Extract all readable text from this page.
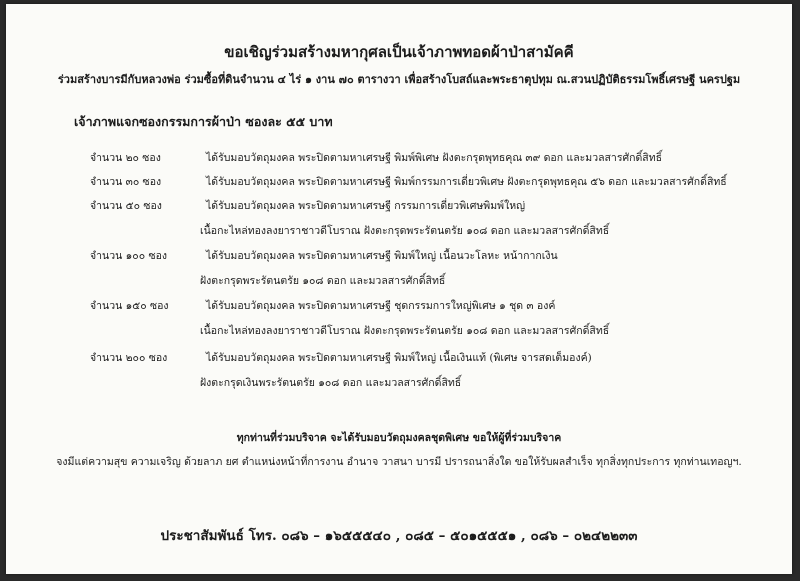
ขอเชิญร่วมสร้างมหากุศลเป็นเจ้าภาพทอดผ้าป่าสามัคคี
ร่วมสร้างบารมีกับหลวงพ่อ ร่วมซื้อที่ดินจำนวน ๔ ไร่ ๑ งาน ๗๐ ตารางวา เพื่อสร้างโบสถ์และพระธาตุปทุม ณ.สวนปฏิบัติธรรมโพธิ์เศรษฐี นครปฐม
เจ้าภาพแจกซองกรรมการผ้าป่า ซองละ ๕๕ บาท
จำนวน ๒๐ ซอง	ได้รับมอบวัตถุมงคล พระปิดตามหาเศรษฐี พิมพ์พิเศษ ฝังตะกรุดพุทธคุณ ๓๙ ดอก และมวลสารศักดิ์สิทธิ์
จำนวน ๓๐ ซอง	ได้รับมอบวัตถุมงคล พระปิดตามหาเศรษฐี พิมพ์กรรมการเดี่ยวพิเศษ ฝังตะกรุดพุทธคุณ ๕๖ ดอก และมวลสารศักดิ์สิทธิ์
จำนวน ๕๐ ซอง	ได้รับมอบวัตถุมงคล พระปิดตามหาเศรษฐี กรรมการเดี่ยวพิเศษพิมพ์ใหญ่
เนื้อกะไหล่ทองลงยาราชาวดีโบราณ ฝังตะกรุดพระรัตนตรัย ๑๐๘ ดอก และมวลสารศักดิ์สิทธิ์
จำนวน ๑๐๐ ซอง	ได้รับมอบวัตถุมงคล พระปิดตามหาเศรษฐี พิมพ์ใหญ่ เนื้อนวะโลหะ หน้ากากเงิน
ฝังตะกรุดพระรัตนตรัย ๑๐๘ ดอก และมวลสารศักดิ์สิทธิ์
จำนวน ๑๕๐ ซอง	ได้รับมอบวัตถุมงคล พระปิดตามหาเศรษฐี ชุดกรรมการใหญ่พิเศษ ๑ ชุด ๓ องค์
เนื้อกะไหล่ทองลงยาราชาวดีโบราณ ฝังตะกรุดพระรัตนตรัย ๑๐๘ ดอก และมวลสารศักดิ์สิทธิ์
จำนวน ๒๐๐ ซอง	ได้รับมอบวัตถุมงคล พระปิดตามหาเศรษฐี พิมพ์ใหญ่ เนื้อเงินแท้ (พิเศษ จารสดเต็มองค์)
ฝังตะกรุดเงินพระรัตนตรัย ๑๐๘ ดอก และมวลสารศักดิ์สิทธิ์
ทุกท่านที่ร่วมบริจาค จะได้รับมอบวัตถุมงคลชุดพิเศษ ขอให้ผู้ที่ร่วมบริจาค
จงมีแต่ความสุข ความเจริญ ด้วยลาภ ยศ ตำแหน่งหน้าที่การงาน อำนาจ วาสนา บารมี ปรารถนาสิ่งใด ขอให้รับผลสำเร็จ ทุกสิ่งทุกประการ ทุกท่านเทอญฯ.
ประชาสัมพันธ์ โทร. ๐๘๖ – ๑๖๕๕๕๔๐ , ๐๘๕ – ๕๐๑๕๕๕๑ , ๐๘๖ – ๐๒๔๒๒๓๓
